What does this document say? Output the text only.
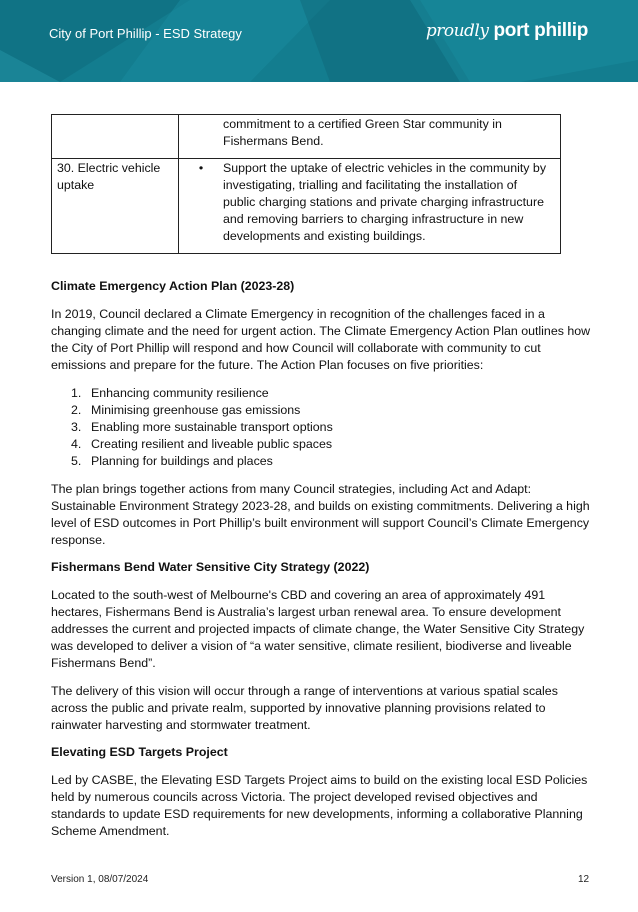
City of Port Phillip - ESD Strategy	proudly port phillip

	commitment to a certified Green Star community in Fishermans Bend.

30. Electric vehicle uptake	• Support the uptake of electric vehicles in the community by investigating, trialling and facilitating the installation of public charging stations and private charging infrastructure and removing barriers to charging infrastructure in new developments and existing buildings.
Climate Emergency Action Plan (2023-28)

In 2019, Council declared a Climate Emergency in recognition of the challenges faced in a changing climate and the need for urgent action. The Climate Emergency Action Plan outlines how the City of Port Phillip will respond and how Council will collaborate with community to cut emissions and prepare for the future. The Action Plan focuses on five priorities:

1. Enhancing community resilience
2. Minimising greenhouse gas emissions
3. Enabling more sustainable transport options
4. Creating resilient and liveable public spaces
5. Planning for buildings and places

The plan brings together actions from many Council strategies, including Act and Adapt: Sustainable Environment Strategy 2023-28, and builds on existing commitments. Delivering a high level of ESD outcomes in Port Phillip’s built environment will support Council’s Climate Emergency response.

Fishermans Bend Water Sensitive City Strategy (2022)

Located to the south-west of Melbourne's CBD and covering an area of approximately 491 hectares, Fishermans Bend is Australia’s largest urban renewal area. To ensure development addresses the current and projected impacts of climate change, the Water Sensitive City Strategy was developed to deliver a vision of “a water sensitive, climate resilient, biodiverse and liveable Fishermans Bend”.

The delivery of this vision will occur through a range of interventions at various spatial scales across the public and private realm, supported by innovative planning provisions related to rainwater harvesting and stormwater treatment.

Elevating ESD Targets Project

Led by CASBE, the Elevating ESD Targets Project aims to build on the existing local ESD Policies held by numerous councils across Victoria. The project developed revised objectives and standards to update ESD requirements for new developments, informing a collaborative Planning Scheme Amendment.

Version 1, 08/07/2024	12
